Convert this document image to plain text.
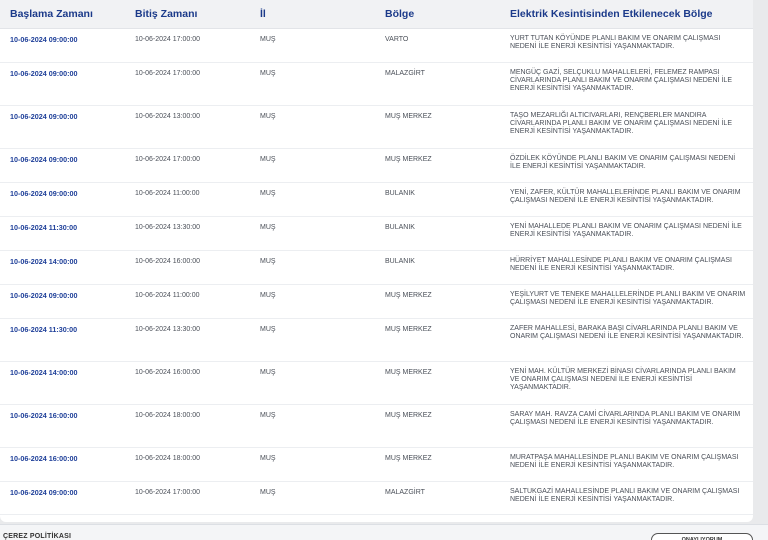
Başlama Zamanı	Bitiş Zamanı	İl	Bölge	Elektrik Kesintisinden Etkilenecek Bölge
10-06-2024 09:00:00	10-06-2024 17:00:00	MUŞ	VARTO	YURT TUTAN KÖYÜNDE PLANLI BAKIM VE ONARIM ÇALIŞMASI NEDENİ İLE ENERJİ KESİNTİSİ YAŞANMAKTADIR.
10-06-2024 09:00:00	10-06-2024 17:00:00	MUŞ	MALAZGİRT	MENGÜÇ GAZİ, SELÇUKLU MAHALLELERİ, FELEMEZ RAMPASI CİVARLARINDA PLANLI BAKIM VE ONARIM ÇALIŞMASI NEDENİ İLE ENERJİ KESİNTİSİ YAŞANMAKTADIR.
10-06-2024 09:00:00	10-06-2024 13:00:00	MUŞ	MUŞ MERKEZ	TAŞO MEZARLIĞI ALTICIVARLARI, RENÇBERLER MANDIRA CİVARLARINDA PLANLI BAKIM VE ONARIM ÇALIŞMASI NEDENİ İLE ENERJİ KESİNTİSİ YAŞANMAKTADIR.
10-06-2024 09:00:00	10-06-2024 17:00:00	MUŞ	MUŞ MERKEZ	ÖZDİLEK KÖYÜNDE PLANLI BAKIM VE ONARIM ÇALIŞMASI NEDENİ İLE ENERJİ KESİNTİSİ YAŞANMAKTADIR.
10-06-2024 09:00:00	10-06-2024 11:00:00	MUŞ	BULANIK	YENİ, ZAFER, KÜLTÜR MAHALLELERİNDE PLANLI BAKIM VE ONARIM ÇALIŞMASI NEDENİ İLE ENERJİ KESİNTİSİ YAŞANMAKTADIR.
10-06-2024 11:30:00	10-06-2024 13:30:00	MUŞ	BULANIK	YENİ MAHALLEDE PLANLI BAKIM VE ONARIM ÇALIŞMASI NEDENİ İLE ENERJİ KESİNTİSİ YAŞANMAKTADIR.
10-06-2024 14:00:00	10-06-2024 16:00:00	MUŞ	BULANIK	HÜRRİYET MAHALLESİNDE PLANLI BAKIM VE ONARIM ÇALIŞMASI NEDENİ İLE ENERJİ KESİNTİSİ YAŞANMAKTADIR.
10-06-2024 09:00:00	10-06-2024 11:00:00	MUŞ	MUŞ MERKEZ	YEŞİLYURT VE TENEKE MAHALLELERİNDE PLANLI BAKIM VE ONARIM ÇALIŞMASI NEDENİ İLE ENERJİ KESİNTİSİ YAŞANMAKTADIR.
10-06-2024 11:30:00	10-06-2024 13:30:00	MUŞ	MUŞ MERKEZ	ZAFER MAHALLESİ, BARAKA BAŞI CİVARLARINDA PLANLI BAKIM VE ONARIM ÇALIŞMASI NEDENİ İLE ENERJİ KESİNTİSİ YAŞANMAKTADIR.
10-06-2024 14:00:00	10-06-2024 16:00:00	MUŞ	MUŞ MERKEZ	YENİ MAH. KÜLTÜR MERKEZİ BİNASI CİVARLARINDA PLANLI BAKIM VE ONARIM ÇALIŞMASI NEDENİ İLE ENERJİ KESİNTİSİ YAŞANMAKTADIR.
10-06-2024 16:00:00	10-06-2024 18:00:00	MUŞ	MUŞ MERKEZ	SARAY MAH. RAVZA CAMİ CİVARLARINDA PLANLI BAKIM VE ONARIM ÇALIŞMASI NEDENİ İLE ENERJİ KESİNTİSİ YAŞANMAKTADIR.
10-06-2024 16:00:00	10-06-2024 18:00:00	MUŞ	MUŞ MERKEZ	MURATPAŞA MAHALLESİNDE PLANLI BAKIM VE ONARIM ÇALIŞMASI NEDENİ İLE ENERJİ KESİNTİSİ YAŞANMAKTADIR.
10-06-2024 09:00:00	10-06-2024 17:00:00	MUŞ	MALAZGİRT	SALTUKGAZİ MAHALLESİNDE PLANLI BAKIM VE ONARIM ÇALIŞMASI NEDENİ İLE ENERJİ KESİNTİSİ YAŞANMAKTADIR.
ÇEREZ POLİTİKASI	ONAYLIYORUM
